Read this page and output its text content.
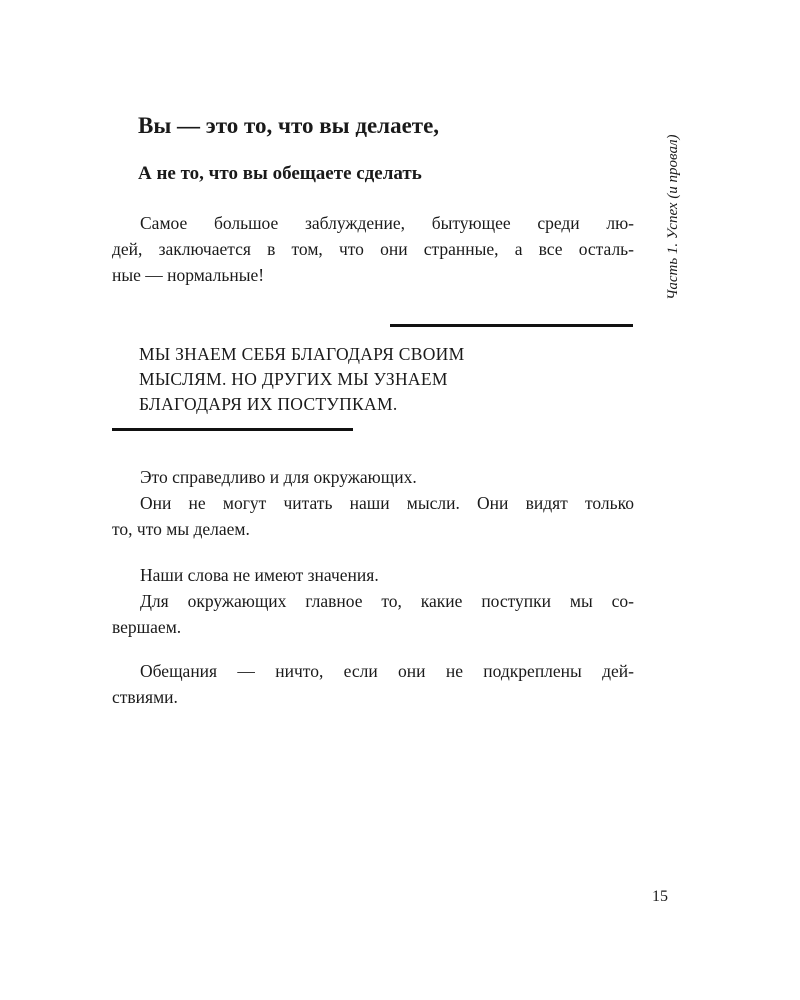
Часть 1. Успех (и провал)
Вы — это то, что вы делаете,
А не то, что вы обещаете сделать
Самое большое заблуждение, бытующее среди лю-
дей, заключается в том, что они странные, а все осталь-
ные — нормальные!
МЫ ЗНАЕМ СЕБЯ БЛАГОДАРЯ СВОИМ
МЫСЛЯМ. НО ДРУГИХ МЫ УЗНАЕМ
БЛАГОДАРЯ ИХ ПОСТУПКАМ.
Это справедливо и для окружающих.
Они не могут читать наши мысли. Они видят только
то, что мы делаем.
Наши слова не имеют значения.
Для окружающих главное то, какие поступки мы со-
вершаем.
Обещания — ничто, если они не подкреплены дей-
ствиями.
15
